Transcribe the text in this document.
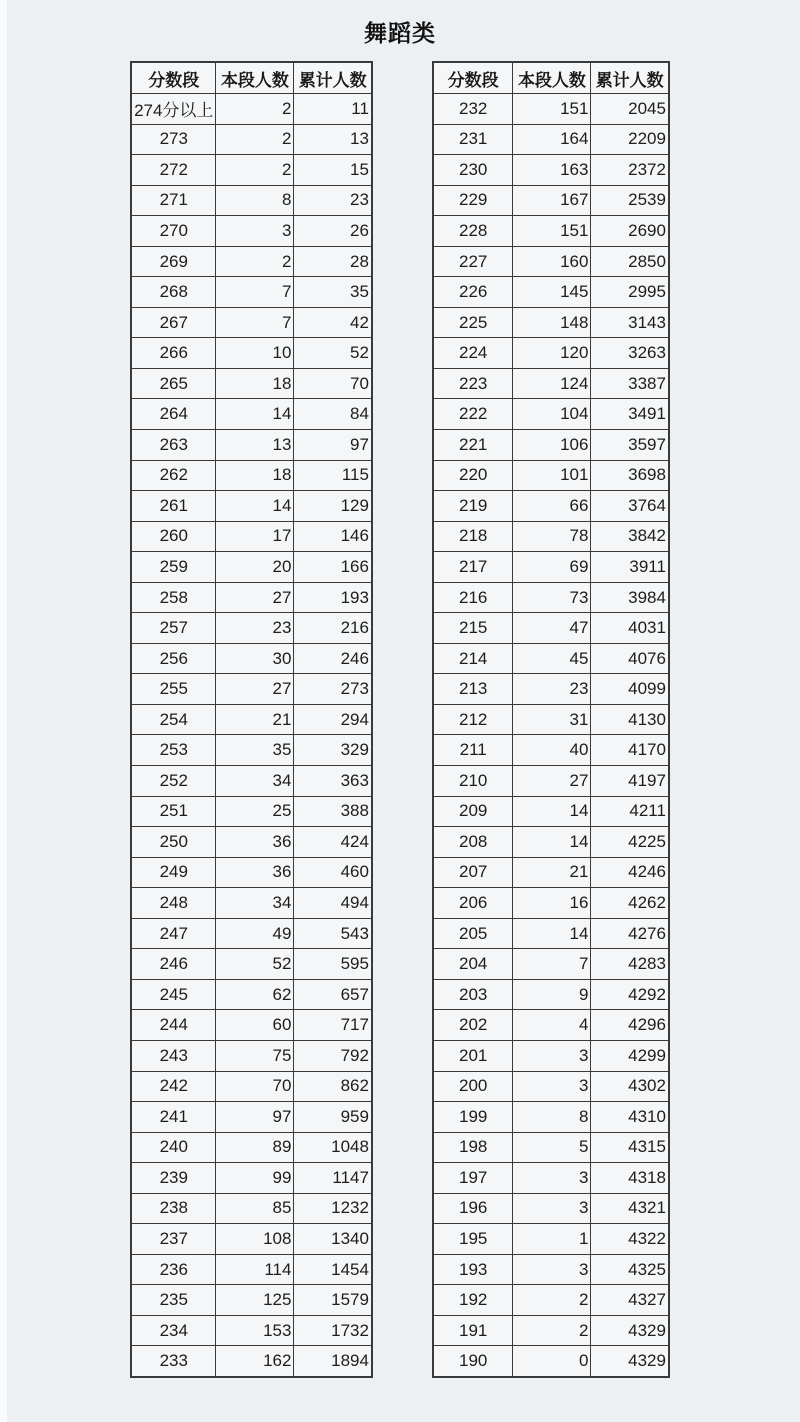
舞蹈类
分数段	本段人数	累计人数
274分以上	2	11
273	2	13
272	2	15
271	8	23
270	3	26
269	2	28
268	7	35
267	7	42
266	10	52
265	18	70
264	14	84
263	13	97
262	18	115
261	14	129
260	17	146
259	20	166
258	27	193
257	23	216
256	30	246
255	27	273
254	21	294
253	35	329
252	34	363
251	25	388
250	36	424
249	36	460
248	34	494
247	49	543
246	52	595
245	62	657
244	60	717
243	75	792
242	70	862
241	97	959
240	89	1048
239	99	1147
238	85	1232
237	108	1340
236	114	1454
235	125	1579
234	153	1732
233	162	1894
分数段	本段人数	累计人数
232	151	2045
231	164	2209
230	163	2372
229	167	2539
228	151	2690
227	160	2850
226	145	2995
225	148	3143
224	120	3263
223	124	3387
222	104	3491
221	106	3597
220	101	3698
219	66	3764
218	78	3842
217	69	3911
216	73	3984
215	47	4031
214	45	4076
213	23	4099
212	31	4130
211	40	4170
210	27	4197
209	14	4211
208	14	4225
207	21	4246
206	16	4262
205	14	4276
204	7	4283
203	9	4292
202	4	4296
201	3	4299
200	3	4302
199	8	4310
198	5	4315
197	3	4318
196	3	4321
195	1	4322
193	3	4325
192	2	4327
191	2	4329
190	0	4329
